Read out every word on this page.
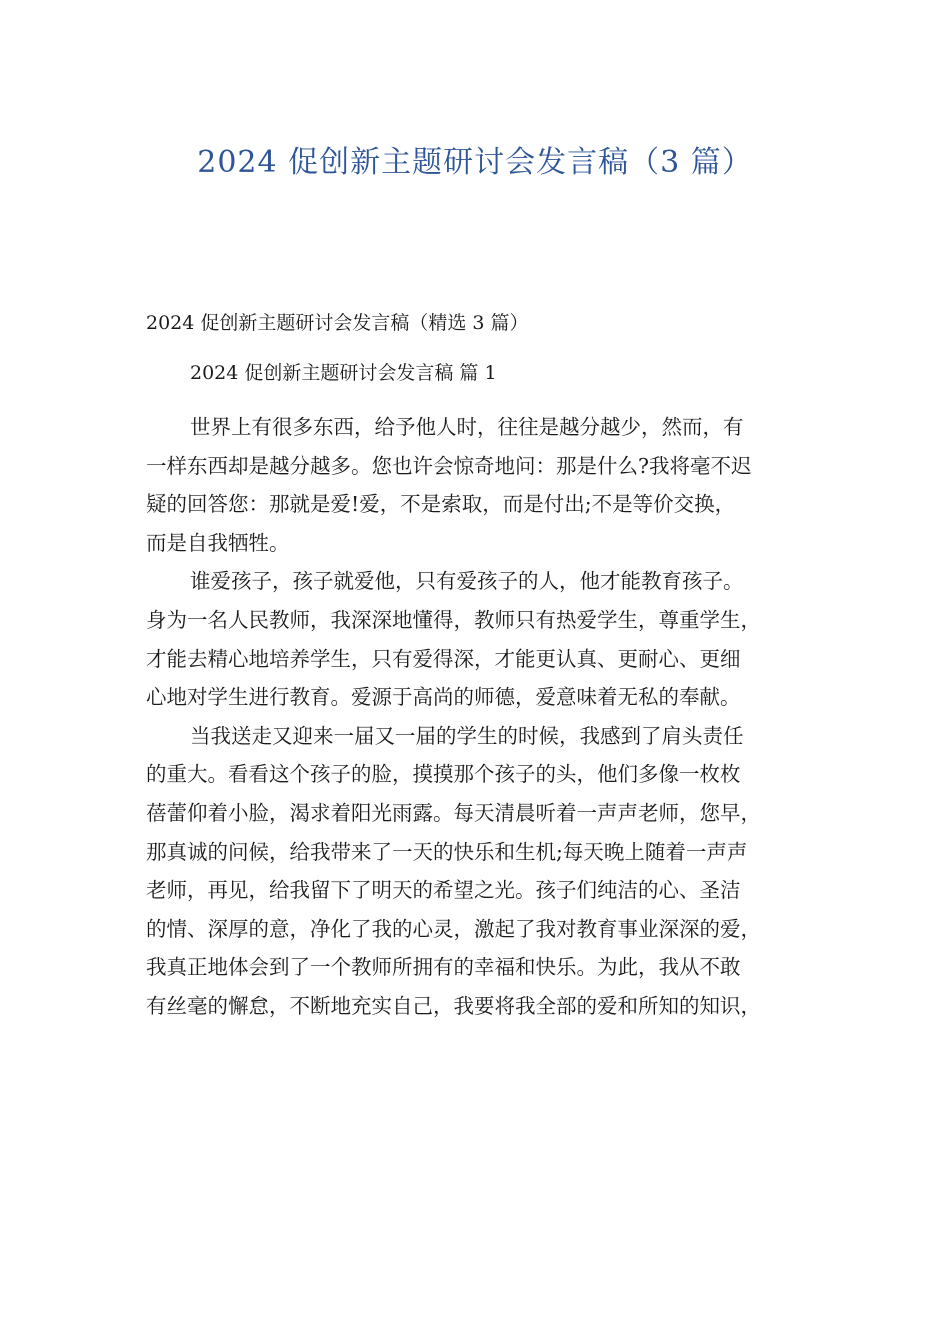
2024 促创新主题研讨会发言稿（3 篇）
2024 促创新主题研讨会发言稿（精选 3 篇）
2024 促创新主题研讨会发言稿 篇 1
世界上有很多东西，给予他人时，往往是越分越少，然而，有
一样东西却是越分越多。您也许会惊奇地问：那是什么?我将毫不迟
疑的回答您：那就是爱!爱，不是索取，而是付出;不是等价交换，
而是自我牺牲。
谁爱孩子，孩子就爱他，只有爱孩子的人，他才能教育孩子。
身为一名人民教师，我深深地懂得，教师只有热爱学生，尊重学生，
才能去精心地培养学生，只有爱得深，才能更认真、更耐心、更细
心地对学生进行教育。爱源于高尚的师德，爱意味着无私的奉献。
当我送走又迎来一届又一届的学生的时候，我感到了肩头责任
的重大。看看这个孩子的脸，摸摸那个孩子的头，他们多像一枚枚
蓓蕾仰着小脸，渴求着阳光雨露。每天清晨听着一声声老师，您早，
那真诚的问候，给我带来了一天的快乐和生机;每天晚上随着一声声
老师，再见，给我留下了明天的希望之光。孩子们纯洁的心、圣洁
的情、深厚的意，净化了我的心灵，激起了我对教育事业深深的爱，
我真正地体会到了一个教师所拥有的幸福和快乐。为此，我从不敢
有丝毫的懈怠，不断地充实自己，我要将我全部的爱和所知的知识，
